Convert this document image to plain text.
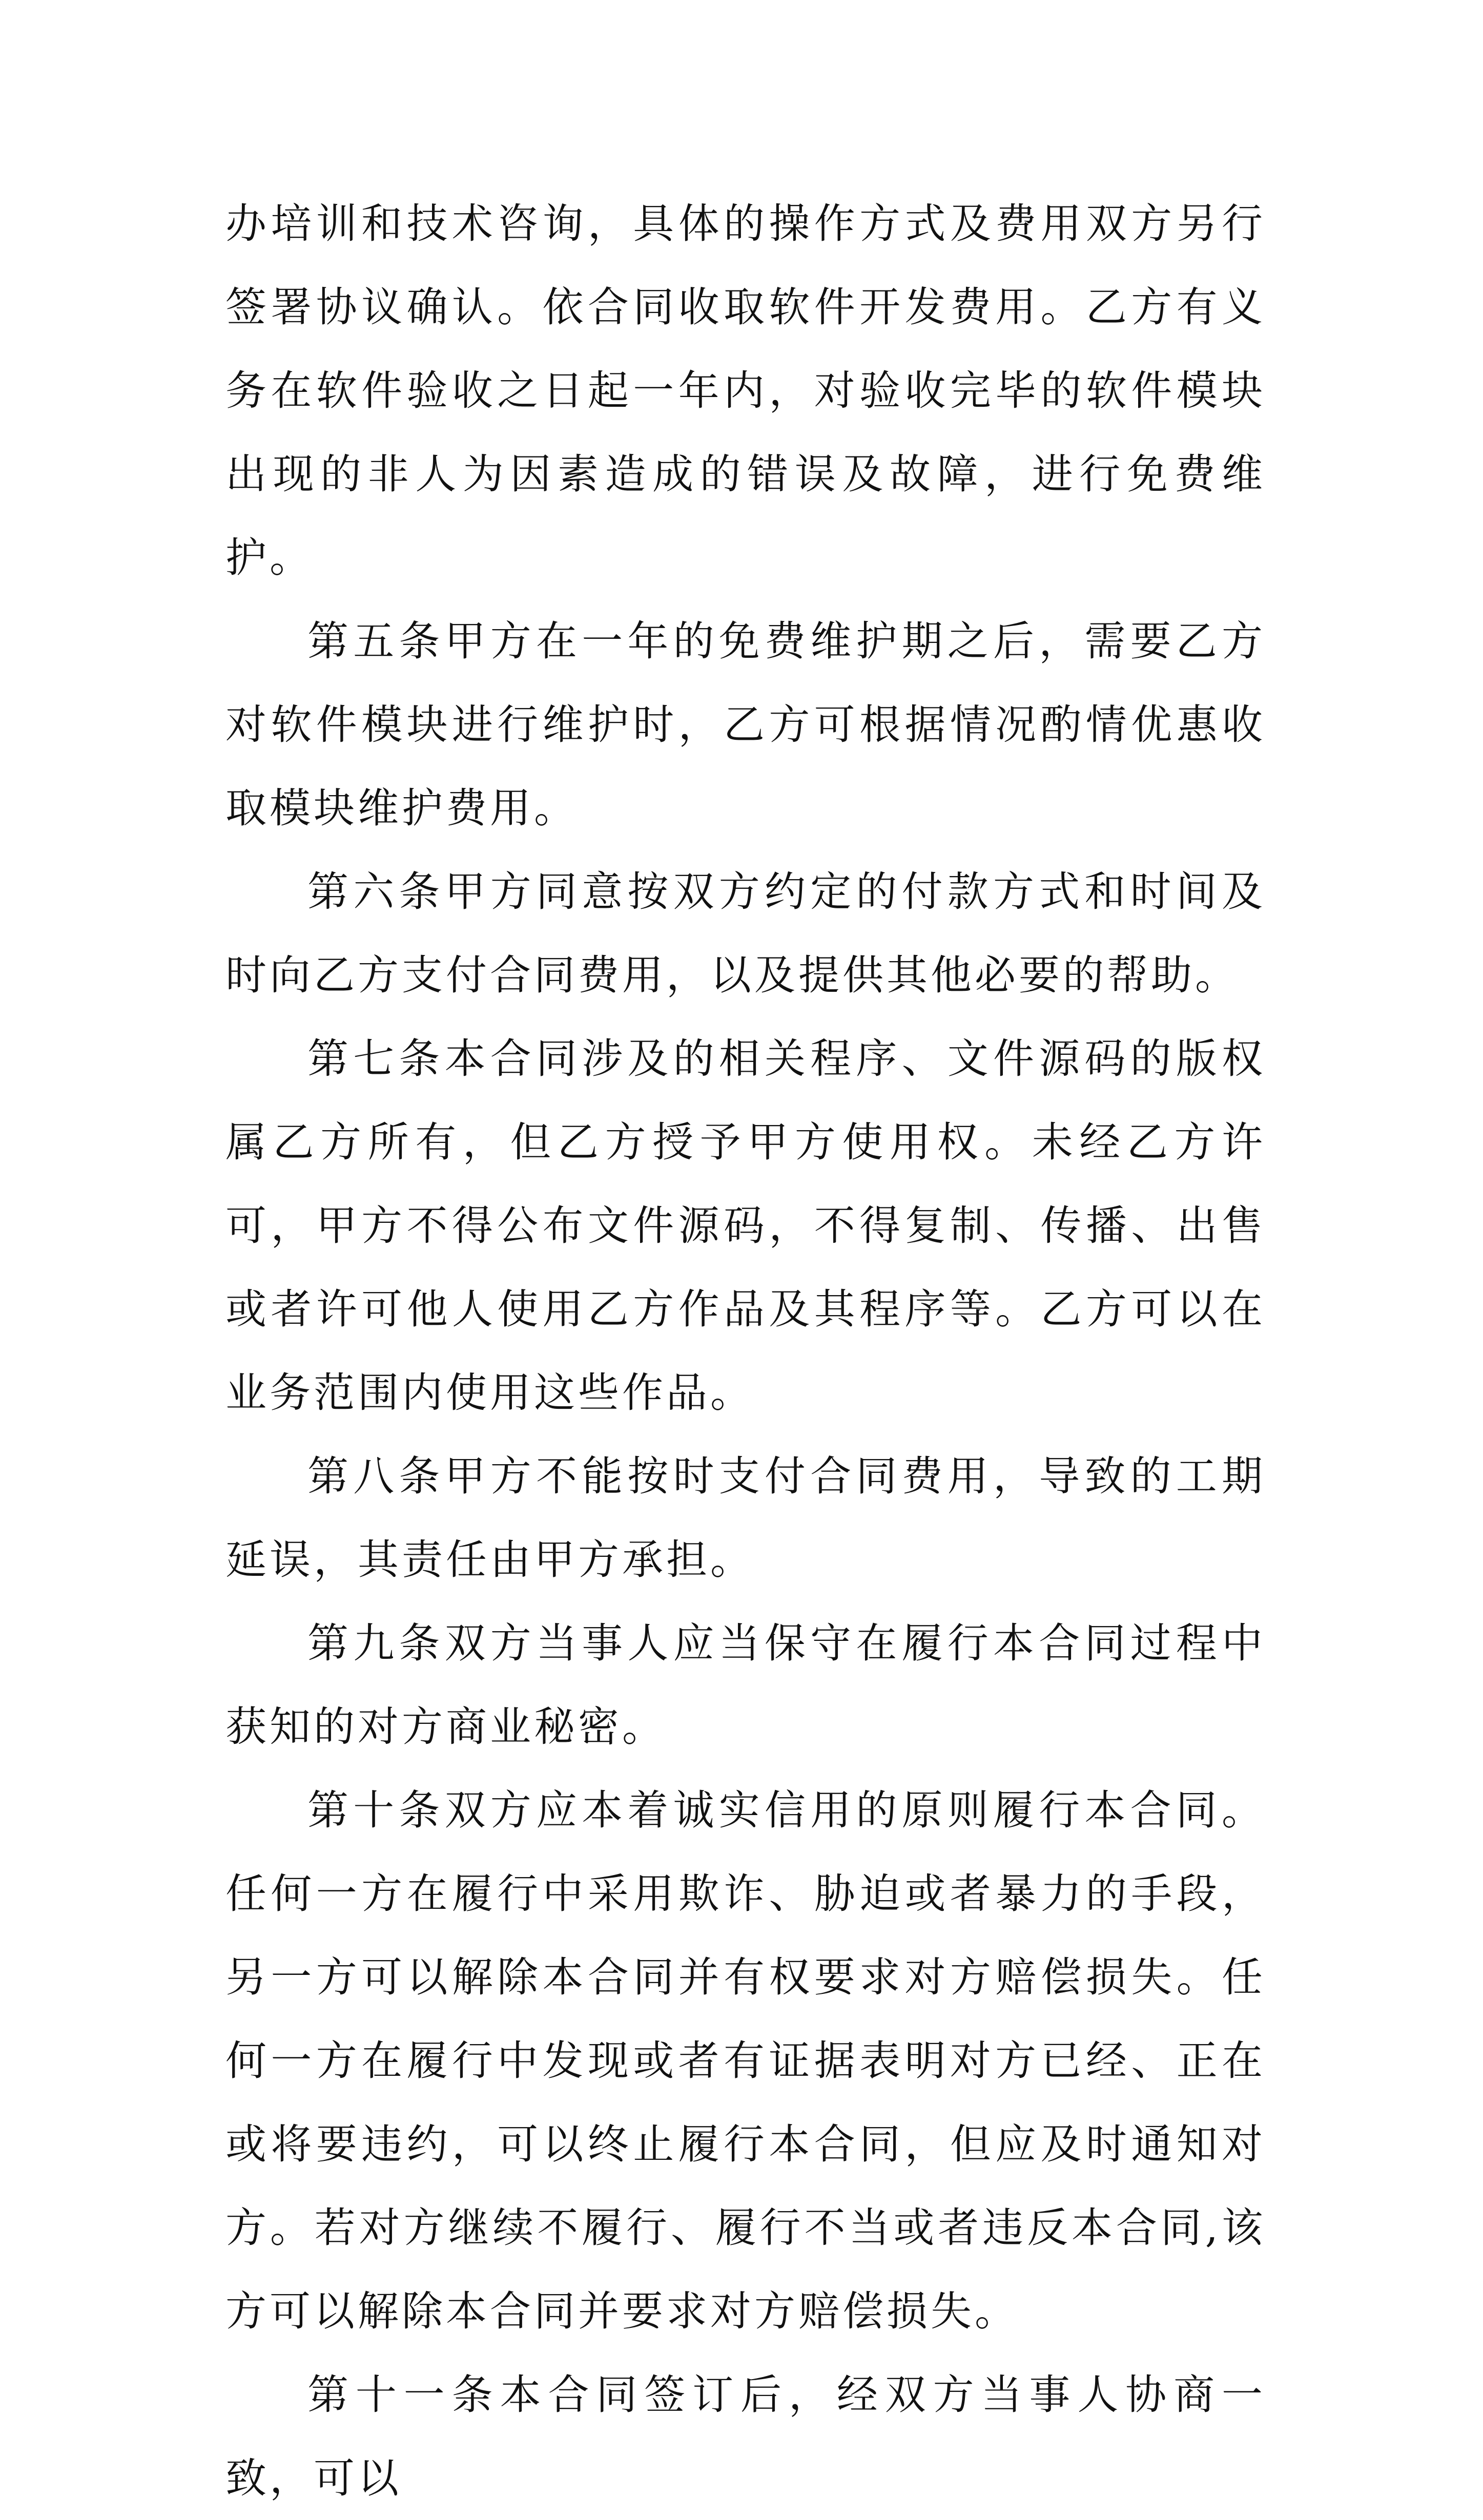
办培训和技术咨询，具体的操作方式及费用双方另行签署协议确认。依合同收取软件开发费用。乙方有义务在软件验收之日起一年内，对验收完毕的软件模块出现的非人为因素造成的错误及故障，进行免费维护。

第五条甲方在一年的免费维护期之后，需要乙方对软件模块进行维护时，乙方可根据情况酌情优惠收取模块维护费用。

第六条甲方同意按双方约定的付款方式和时间及时向乙方支付合同费用，以及提供其他必要的帮助。

第七条本合同涉及的相关程序、文件源码的版权属乙方所有，但乙方授予甲方使用权。未经乙方许可，甲方不得公布文件源码，不得复制、传播、出售或者许可他人使用乙方作品及其程序等。乙方可以在业务范围内使用这些作品。

第八条甲方不能按时支付合同费用，导致的工期延误，其责任由甲方承担。

第九条双方当事人应当保守在履行本合同过程中获知的对方商业秘密。

第十条双方应本着诚实信用的原则履行本合同。任何一方在履行中采用欺诈、胁迫或者暴力的手段，另一方可以解除本合同并有权要求对方赔偿损失。任何一方在履行中发现或者有证据表明对方已经、正在或将要违约，可以终止履行本合同，但应及时通知对方。若对方继续不履行、履行不当或者违反本合同,该方可以解除本合同并要求对方赔偿损失。

第十一条本合同签订后，经双方当事人协商一致，可以
